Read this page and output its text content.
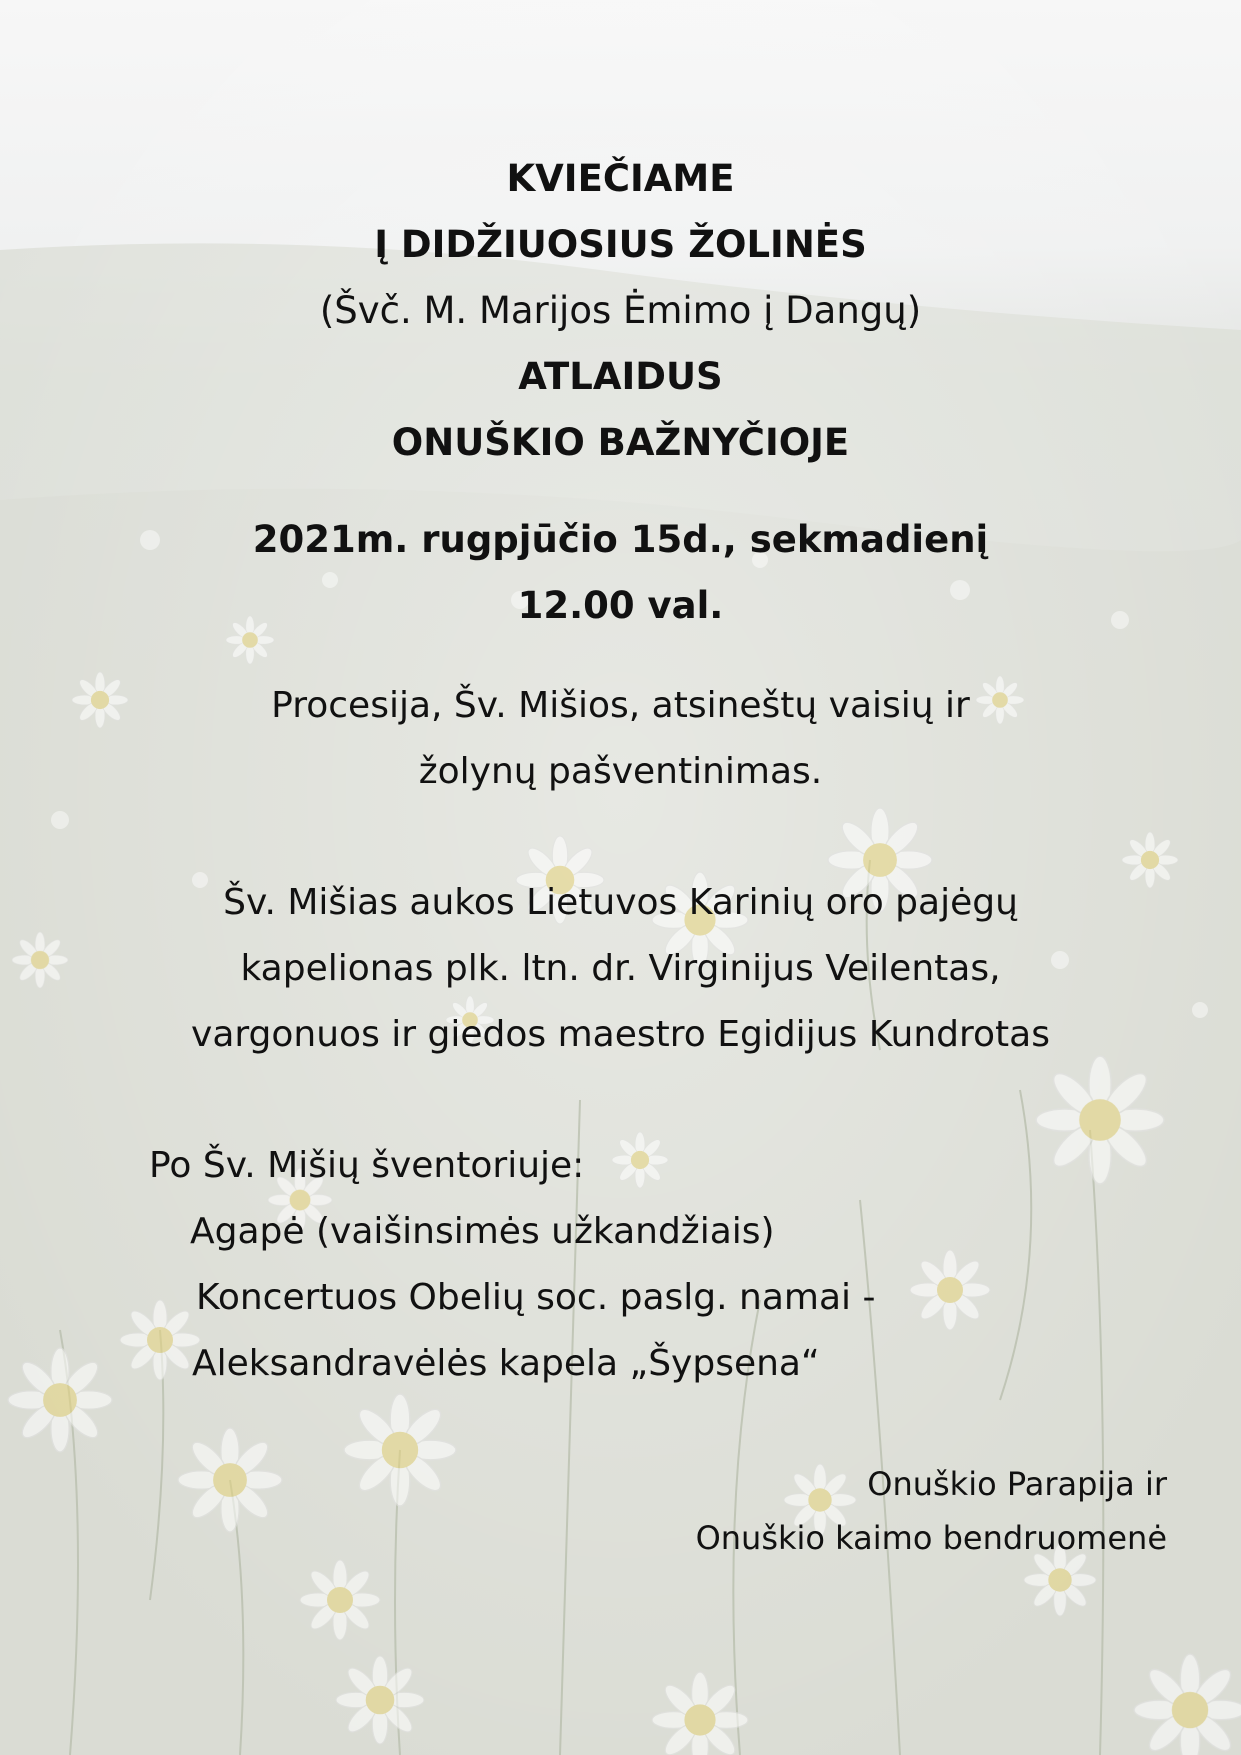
KVIEČIAME

Į DIDŽIUOSIUS ŽOLINĖS

(Švč. M. Marijos Ėmimo į Dangų)

ATLAIDUS

ONUŠKIO BAŽNYČIOJE

2021m. rugpjūčio 15d., sekmadienį

12.00 val.

Procesija, Šv. Mišios, atsineštų vaisių ir

žolynų pašventinimas.

Šv. Mišias aukos Lietuvos Karinių oro pajėgų

kapelionas plk. ltn. dr. Virginijus Veilentas,

vargonuos ir giedos maestro Egidijus Kundrotas

Po Šv. Mišių šventoriuje:

Agapė (vaišinsimės užkandžiais)

Koncertuos Obelių soc. paslg. namai -

Aleksandravėlės kapela „Šypsena“

Onuškio Parapija ir

Onuškio kaimo bendruomenė
